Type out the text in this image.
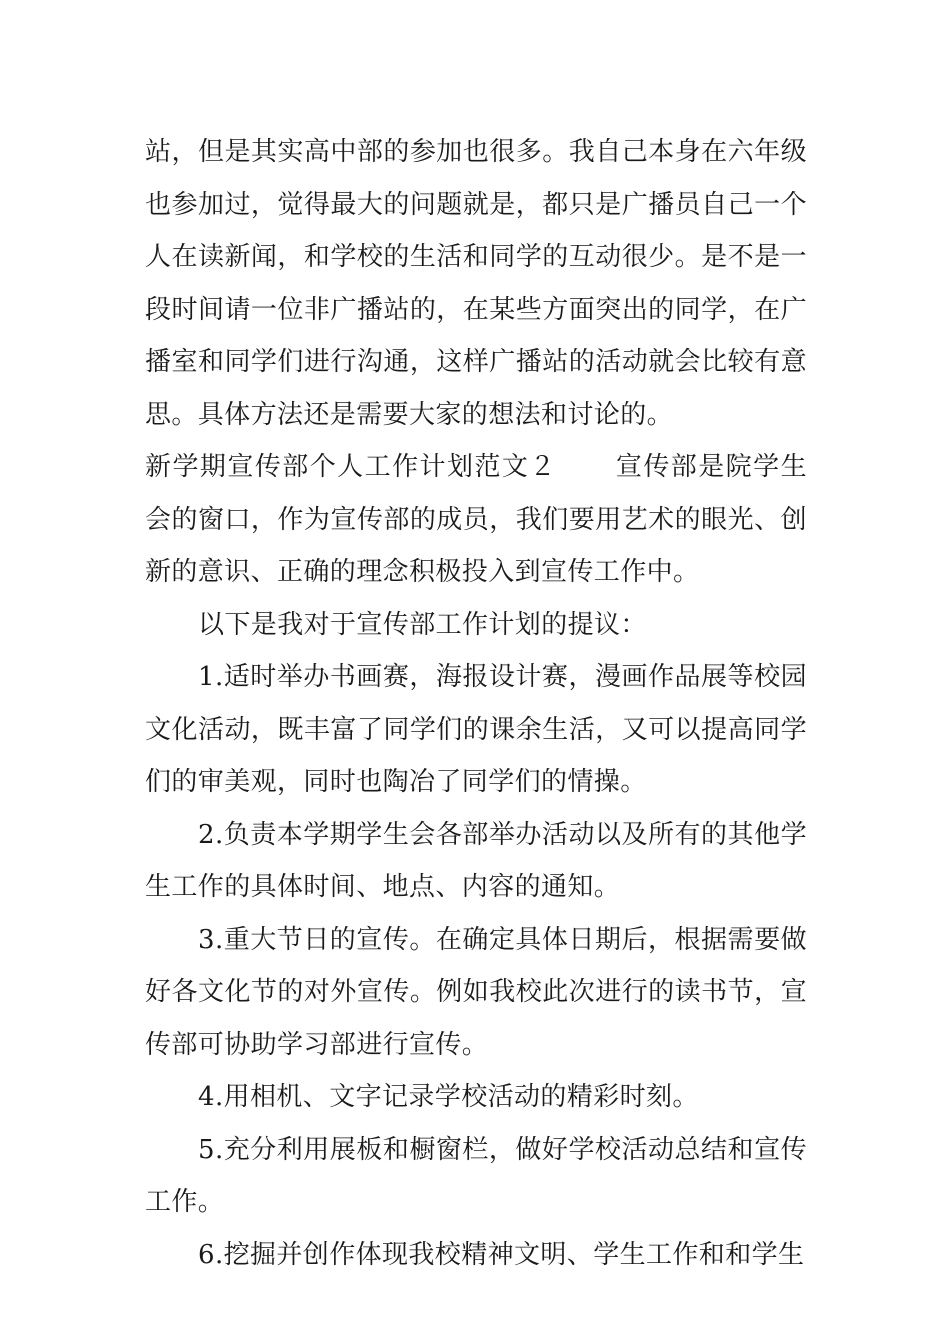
站，但是其实高中部的参加也很多。我自己本身在六年级也参加过，觉得最大的问题就是，都只是广播员自己一个人在读新闻，和学校的生活和同学的互动很少。是不是一段时间请一位非广播站的，在某些方面突出的同学，在广播室和同学们进行沟通，这样广播站的活动就会比较有意思。具体方法还是需要大家的想法和讨论的。

新学期宣传部个人工作计划范文２ 宣传部是院学生会的窗口，作为宣传部的成员，我们要用艺术的眼光、创新的意识、正确的理念积极投入到宣传工作中。

以下是我对于宣传部工作计划的提议：

1.适时举办书画赛，海报设计赛，漫画作品展等校园文化活动，既丰富了同学们的课余生活，又可以提高同学们的审美观，同时也陶冶了同学们的情操。

2.负责本学期学生会各部举办活动以及所有的其他学生工作的具体时间、地点、内容的通知。

3.重大节日的宣传。在确定具体日期后，根据需要做好各文化节的对外宣传。例如我校此次进行的读书节，宣传部可协助学习部进行宣传。

4.用相机、文字记录学校活动的精彩时刻。

5.充分利用展板和橱窗栏，做好学校活动总结和宣传工作。

6.挖掘并创作体现我校精神文明、学生工作和和学生
